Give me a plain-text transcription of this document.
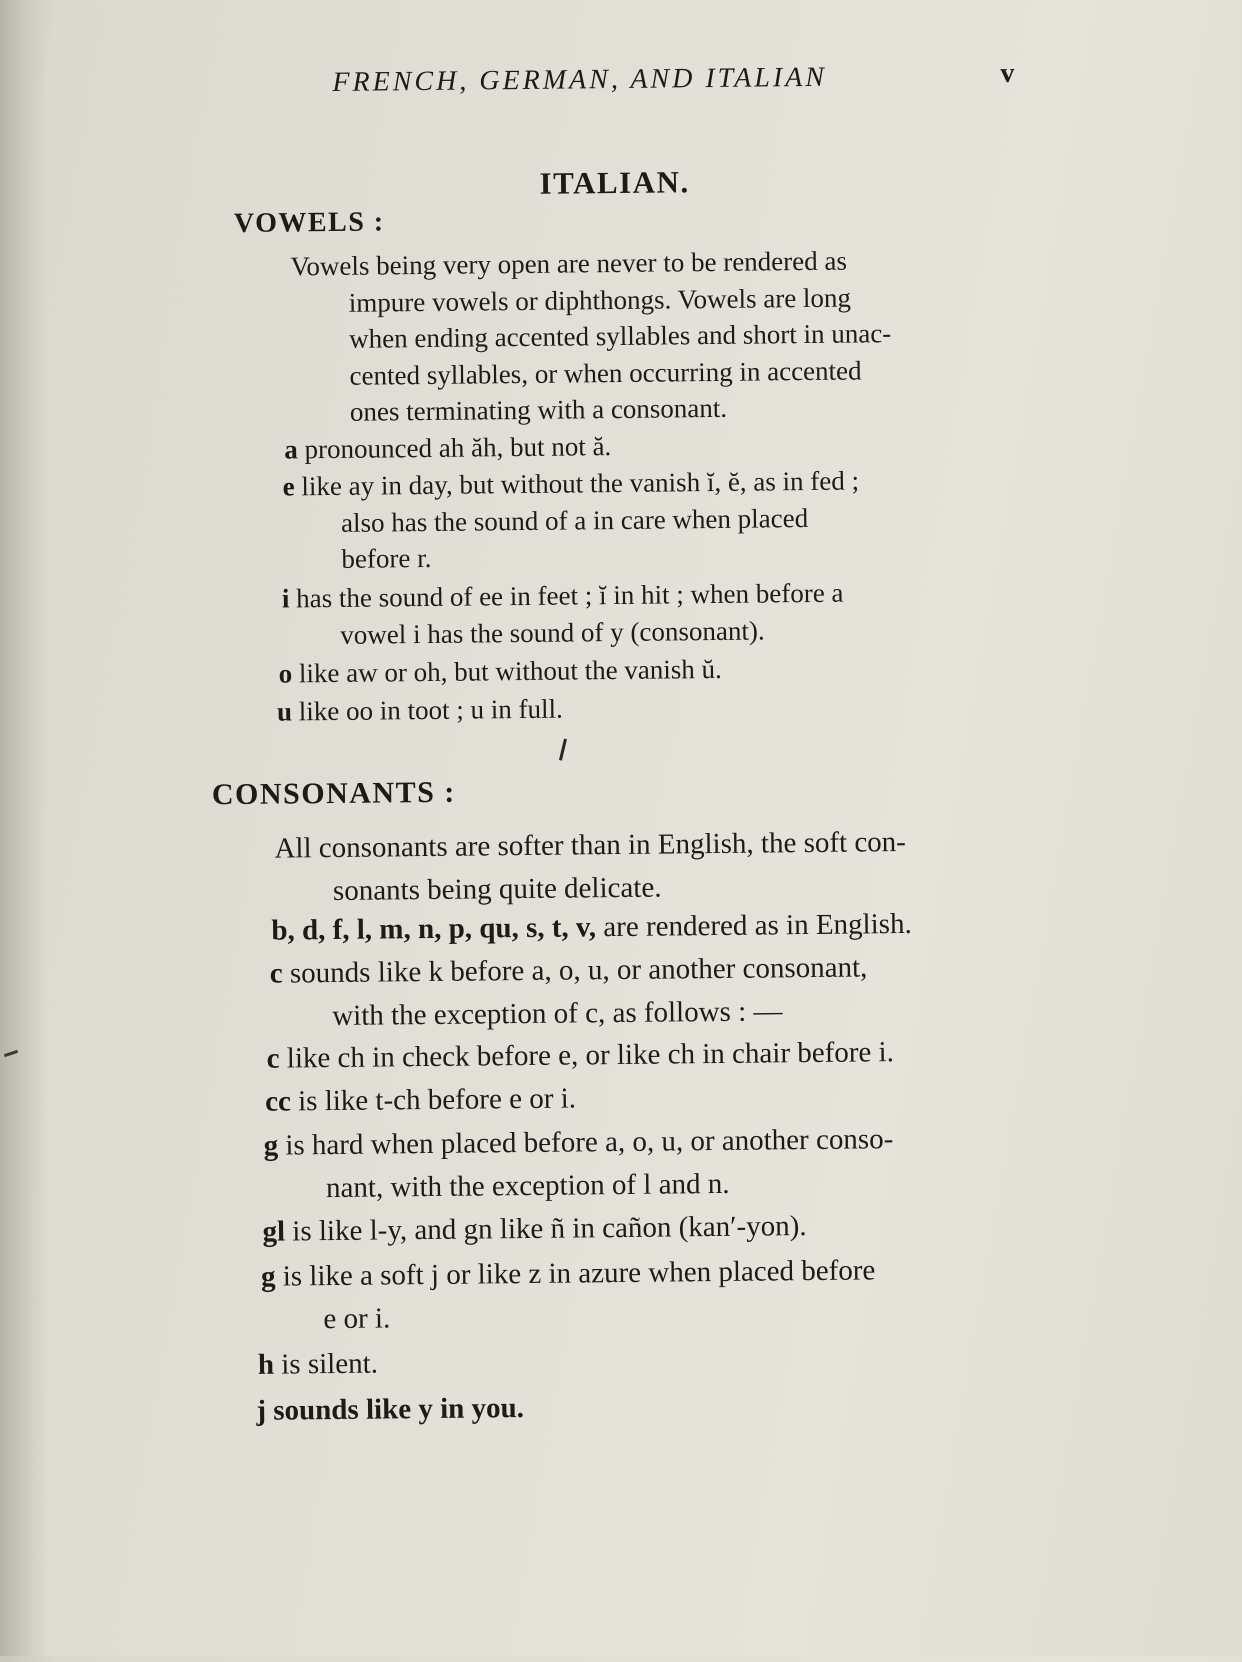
FRENCH, GERMAN, AND ITALIAN	v
ITALIAN.
VOWELS :

Vowels being very open are never to be rendered as
impure vowels or diphthongs. Vowels are long
when ending accented syllables and short in unac-
cented syllables, or when occurring in accented
ones terminating with a consonant.

a pronounced ah ăh, but not ă.

e like ay in day, but without the vanish ĭ, ĕ, as in fed ;
also has the sound of a in care when placed
before r.

i has the sound of ee in feet ; ĭ in hit ; when before a
vowel i has the sound of y (consonant).

o like aw or oh, but without the vanish ŭ.

u like oo in toot ; u in full.

CONSONANTS :

All consonants are softer than in English, the soft con-
sonants being quite delicate.

b, d, f, l, m, n, p, qu, s, t, v, are rendered as in English.

c sounds like k before a, o, u, or another consonant,
with the exception of c, as follows : —

c like ch in check before e, or like ch in chair before i.

cc is like t-ch before e or i.

g is hard when placed before a, o, u, or another conso-
nant, with the exception of l and n.

gl is like l-y, and gn like ñ in cañon (kan′-yon).

g is like a soft j or like z in azure when placed before
e or i.

h is silent.

j sounds like y in you.
